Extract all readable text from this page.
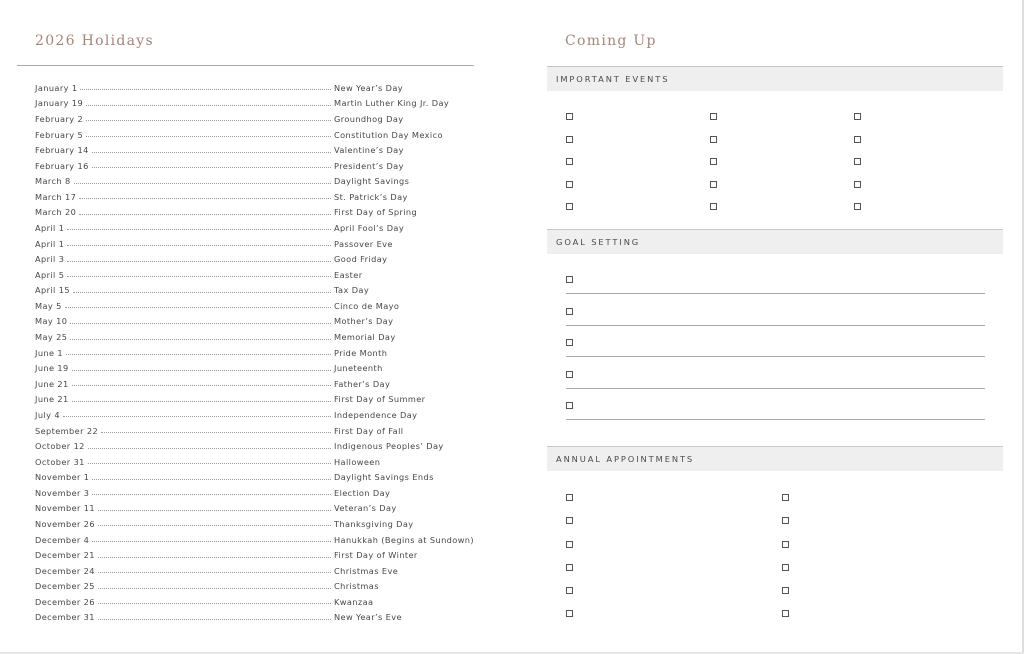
2026 Holidays
January 1	New Year’s Day
January 19	Martin Luther King Jr. Day
February 2	Groundhog Day
February 5	Constitution Day Mexico
February 14	Valentine’s Day
February 16	President’s Day
March 8	Daylight Savings
March 17	St. Patrick’s Day
March 20	First Day of Spring
April 1	April Fool’s Day
April 1	Passover Eve
April 3	Good Friday
April 5	Easter
April 15	Tax Day
May 5	Cinco de Mayo
May 10	Mother’s Day
May 25	Memorial Day
June 1	Pride Month
June 19	Juneteenth
June 21	Father’s Day
June 21	First Day of Summer
July 4	Independence Day
September 22	First Day of Fall
October 12	Indigenous Peoples’ Day
October 31	Halloween
November 1	Daylight Savings Ends
November 3	Election Day
November 11	Veteran’s Day
November 26	Thanksgiving Day
December 4	Hanukkah (Begins at Sundown)
December 21	First Day of Winter
December 24	Christmas Eve
December 25	Christmas
December 26	Kwanzaa
December 31	New Year’s Eve
Coming Up
IMPORTANT EVENTS
GOAL SETTING
ANNUAL APPOINTMENTS
